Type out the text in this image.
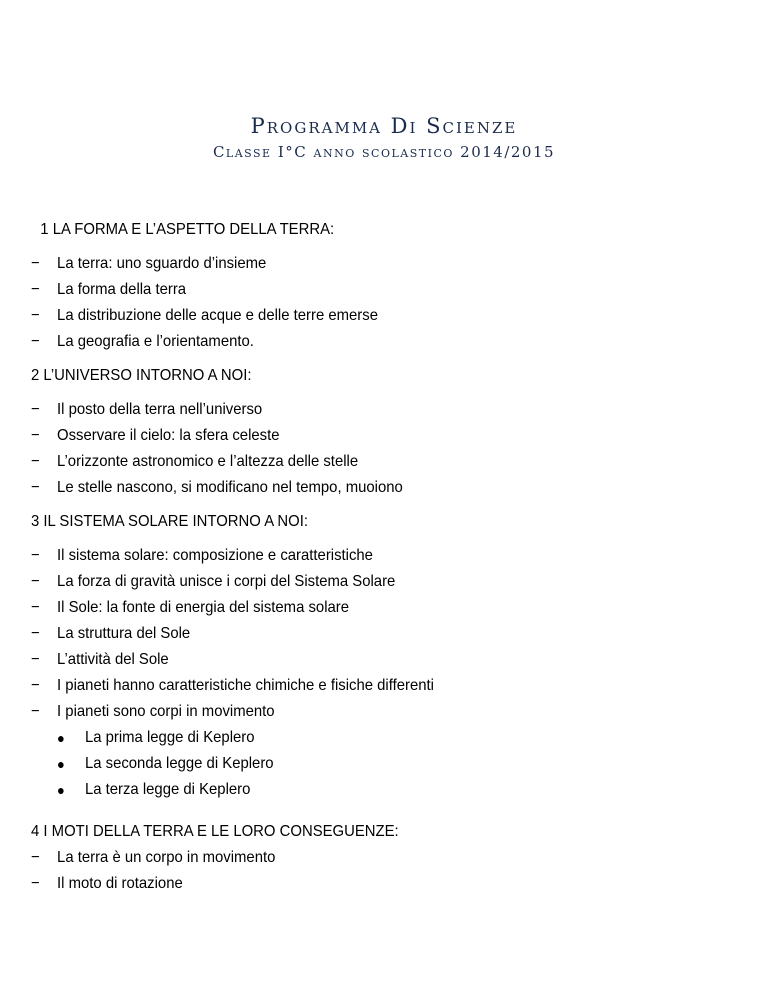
Programma Di Scienze
Classe I°C anno scolastico 2014/2015
1 LA FORMA E L’ASPETTO DELLA TERRA:
− La terra: uno sguardo d’insieme
− La forma della terra
− La distribuzione delle acque e delle terre emerse
− La geografia e l’orientamento.
2 L’UNIVERSO INTORNO A NOI:
− Il posto della terra nell’universo
− Osservare il cielo: la sfera celeste
− L’orizzonte astronomico e l’altezza delle stelle
− Le stelle nascono, si modificano nel tempo, muoiono
3 IL SISTEMA SOLARE INTORNO A NOI:
− Il sistema solare: composizione e caratteristiche
− La forza di gravità unisce i corpi del Sistema Solare
− Il Sole: la fonte di energia del sistema solare
− La struttura del Sole
− L’attività del Sole
− I pianeti hanno caratteristiche chimiche e fisiche differenti
− I pianeti sono corpi in movimento
● La prima legge di Keplero
● La seconda legge di Keplero
● La terza legge di Keplero
4 I MOTI DELLA TERRA E LE LORO CONSEGUENZE:
− La terra è un corpo in movimento
− Il moto di rotazione
